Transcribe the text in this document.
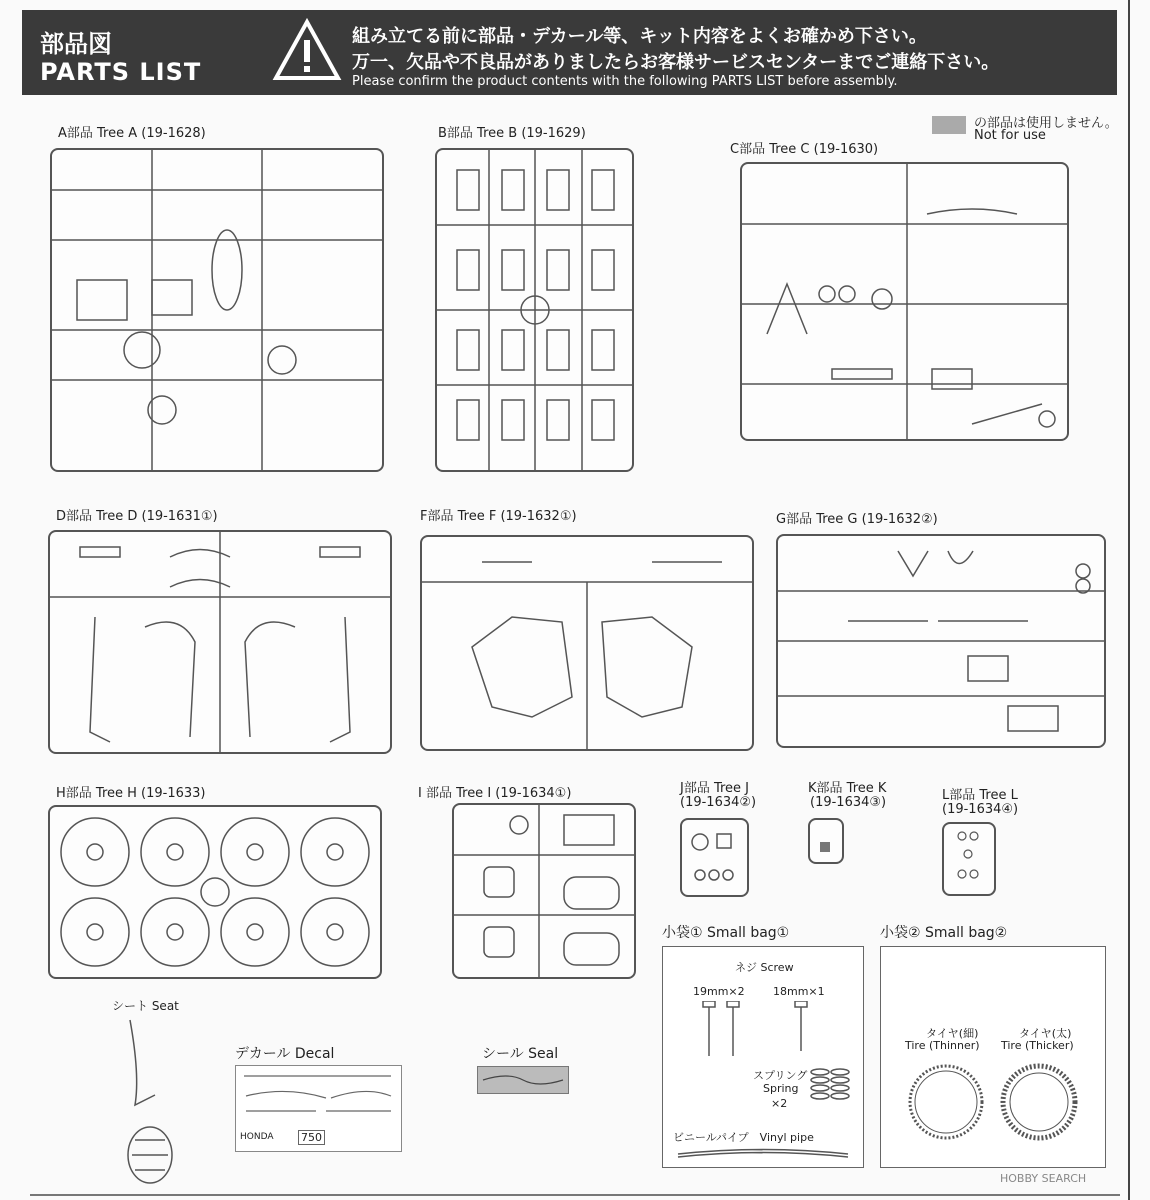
部品図
PARTS LIST
組み立てる前に部品・デカール等、キット内容をよくお確かめ下さい。
万一、欠品や不良品がありましたらお客様サービスセンターまでご連絡下さい。
Please confirm the product contents with the following PARTS LIST before assembly.
の部品は使用しません。
Not for use
A部品 Tree A (19-1628)	B部品 Tree B (19-1629)
C部品 Tree C (19-1630)
D部品 Tree D (19-1631①)	F部品 Tree F (19-1632①)	G部品 Tree G (19-1632②)
H部品 Tree H (19-1633)	I 部品 Tree I (19-1634①)	J部品 Tree J
(19-1634②)
K部品 Tree K
(19-1634③)	L部品 Tree L
(19-1634④)
小袋① Small bag①
ネジ Screw
19mm×2	18mm×1
スプリング
Spring
×2
ビニールパイプ　Vinyl pipe
小袋② Small bag②
タイヤ(細)
Tire (Thinner)
タイヤ(太)
Tire (Thicker)
シート Seat
デカール Decal
HONDA 750
シール Seal
HOBBY SEARCH
